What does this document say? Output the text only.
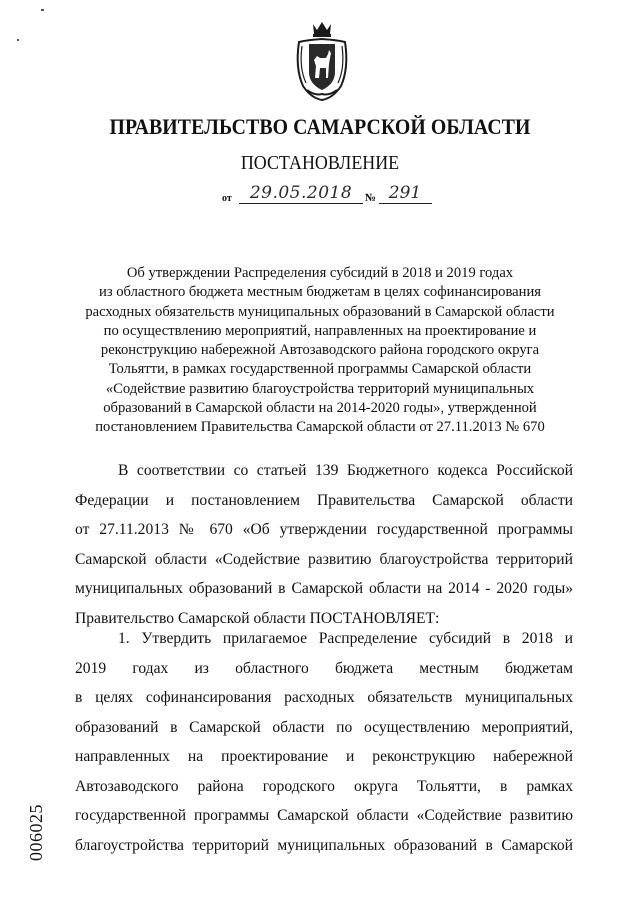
ПРАВИТЕЛЬСТВО САМАРСКОЙ ОБЛАСТИ
ПОСТАНОВЛЕНИЕ
от	29.05.2018	№ 291
Об утверждении Распределения субсидий в 2018 и 2019 годах
из областного бюджета местным бюджетам в целях софинансирования
расходных обязательств муниципальных образований в Самарской области
по осуществлению мероприятий, направленных на проектирование и
реконструкцию набережной Автозаводского района городского округа
Тольятти, в рамках государственной программы Самарской области
«Содействие развитию благоустройства территорий муниципальных
образований в Самарской области на 2014-2020 годы», утвержденной
постановлением Правительства Самарской области от 27.11.2013 № 670
В соответствии со статьей 139 Бюджетного кодекса Российской
Федерации и постановлением Правительства Самарской области
от 27.11.2013 № 670 «Об утверждении государственной программы
Самарской области «Содействие развитию благоустройства территорий
муниципальных образований в Самарской области на 2014 - 2020 годы»
Правительство Самарской области ПОСТАНОВЛЯЕТ:
1. Утвердить прилагаемое Распределение субсидий в 2018 и
2019 годах из областного бюджета местным бюджетам
в целях софинансирования расходных обязательств муниципальных
образований в Самарской области по осуществлению мероприятий,
направленных на проектирование и реконструкцию набережной
Автозаводского района городского округа Тольятти, в рамках
государственной программы Самарской области «Содействие развитию
благоустройства территорий муниципальных образований в Самарской
006025
